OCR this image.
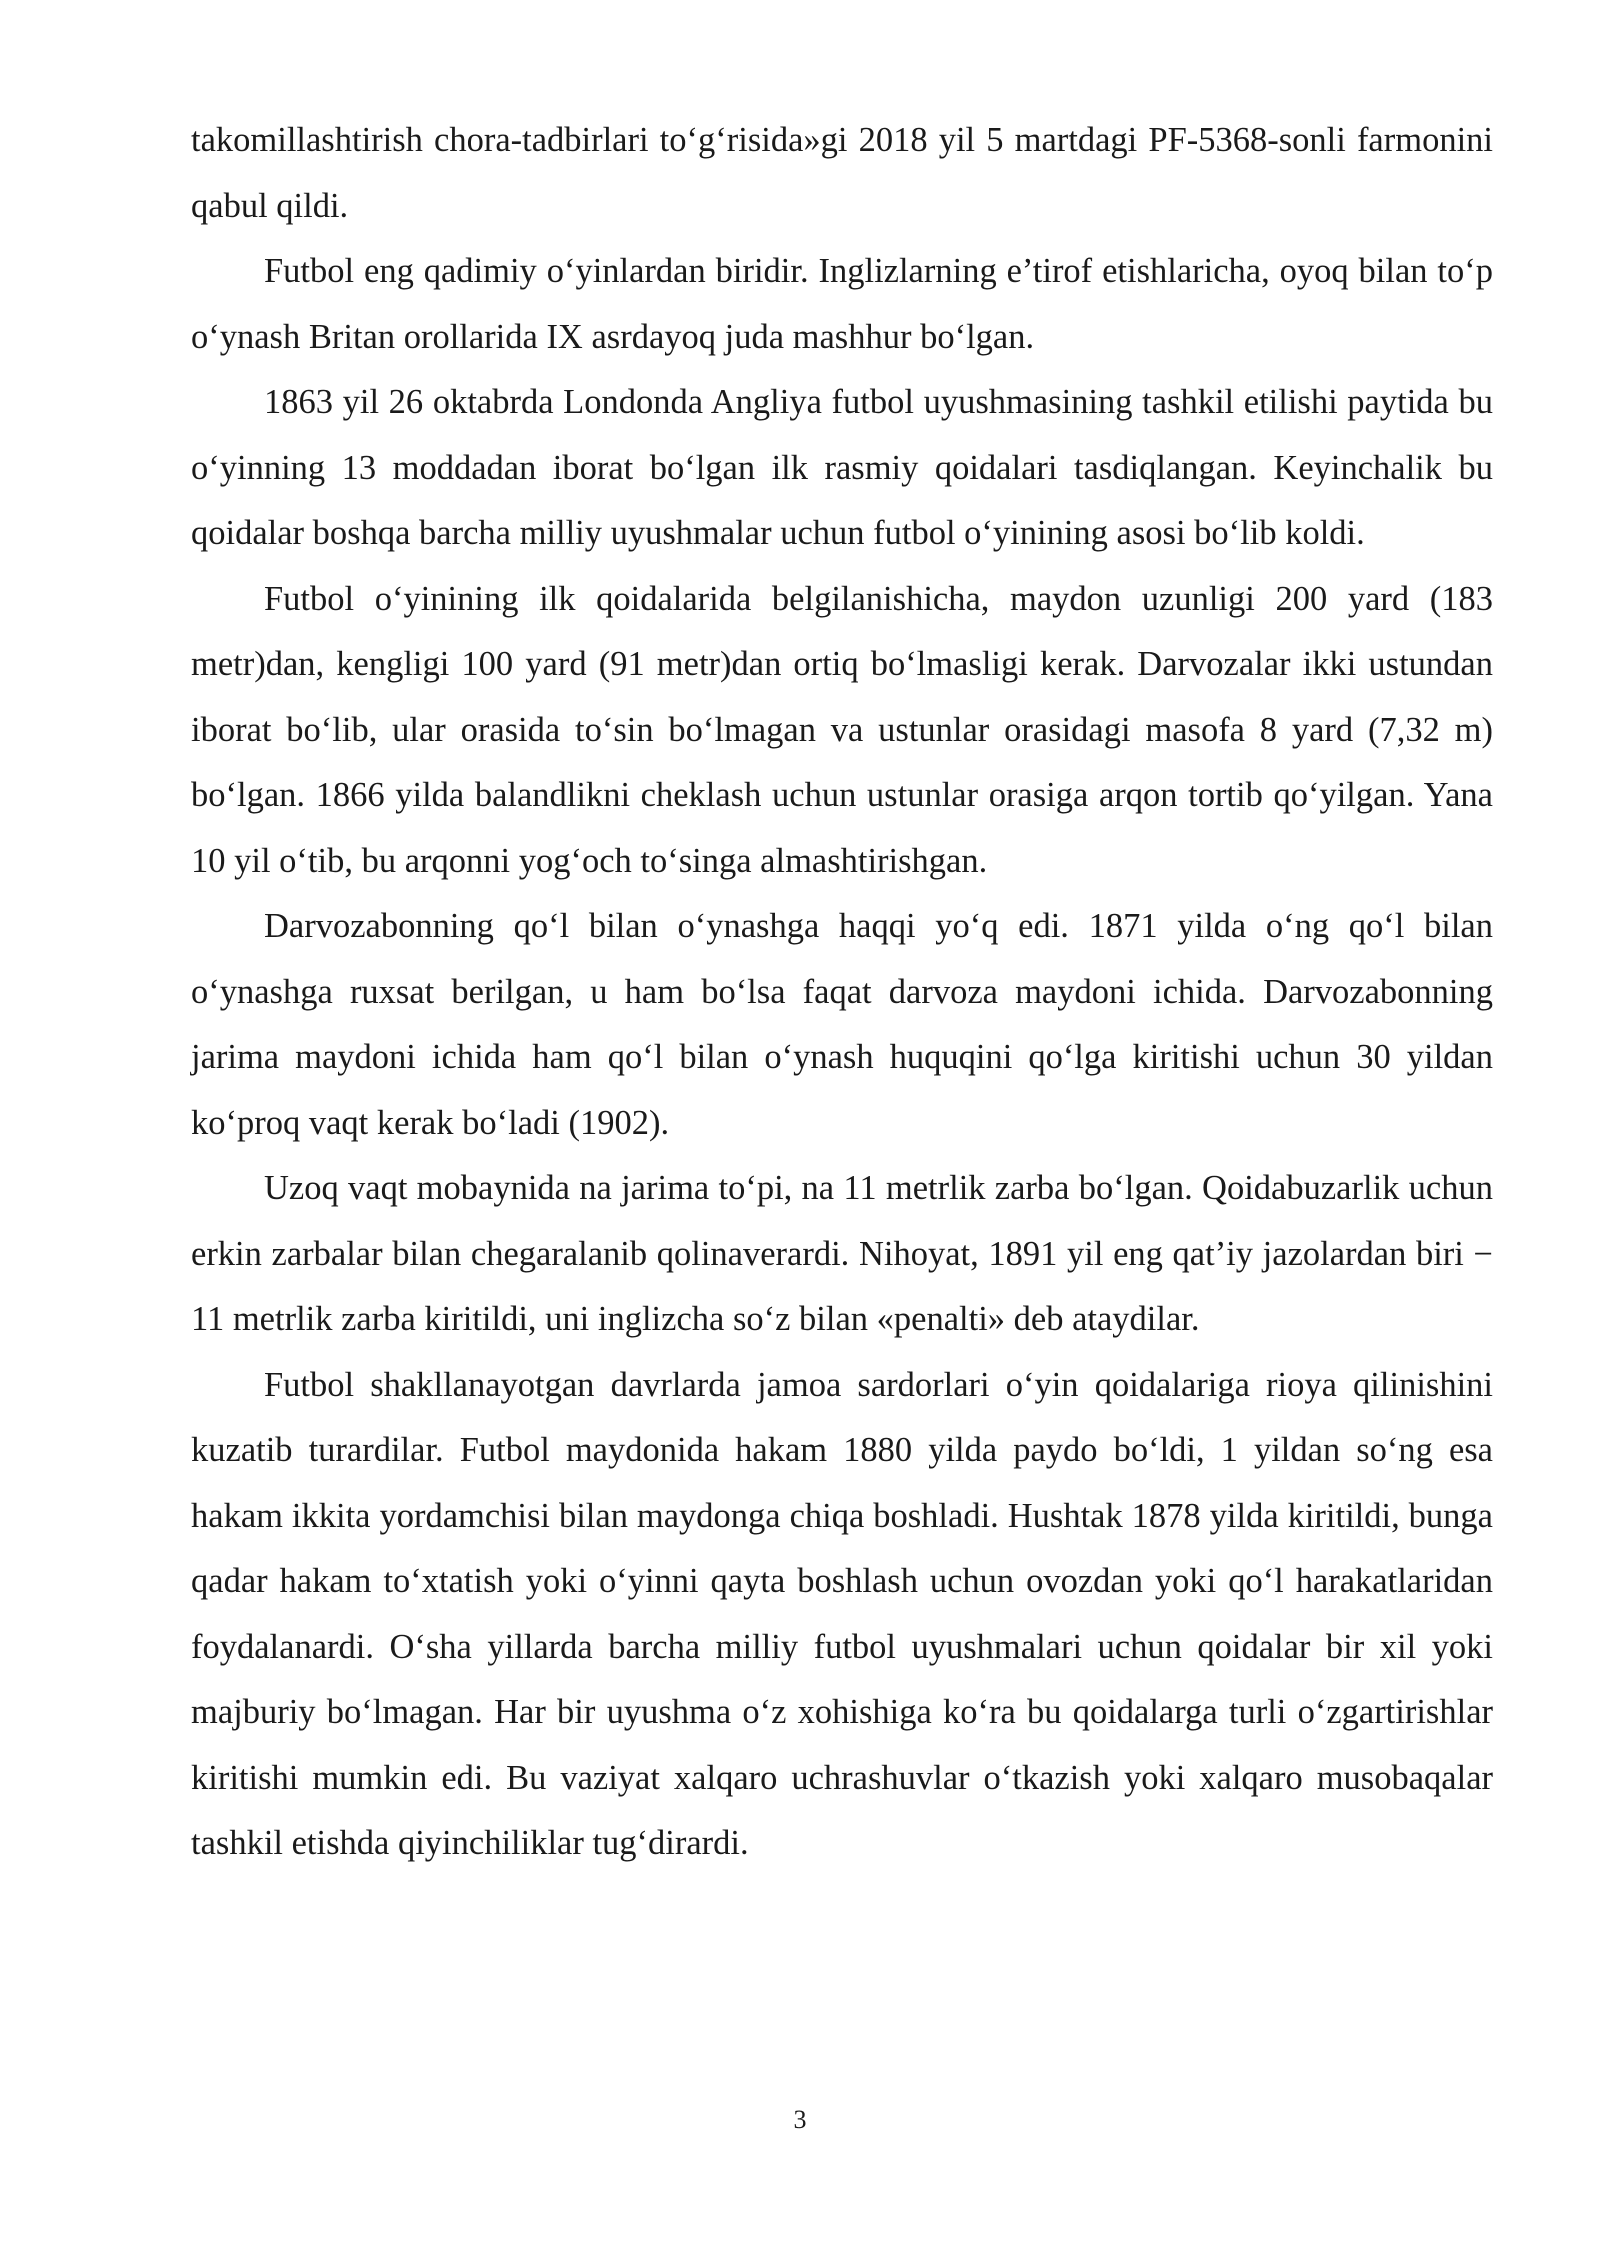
takomillashtirish chora-tadbirlari to‘g‘risida»gi 2018 yil 5 martdagi PF-5368-sonli farmonini qabul qildi.

Futbol eng qadimiy o‘yinlardan biridir. Inglizlarning e’tirof etishlaricha, oyoq bilan to‘p o‘ynash Britan orollarida IX asrdayoq juda mashhur bo‘lgan.

1863 yil 26 oktabrda Londonda Angliya futbol uyushmasining tashkil etilishi paytida bu o‘yinning 13 moddadan iborat bo‘lgan ilk rasmiy qoidalari tasdiqlangan. Keyinchalik bu qoidalar boshqa barcha milliy uyushmalar uchun futbol o‘yinining asosi bo‘lib koldi.

Futbol o‘yinining ilk qoidalarida belgilanishicha, maydon uzunligi 200 yard (183 metr)dan, kengligi 100 yard (91 metr)dan ortiq bo‘lmasligi kerak. Darvozalar ikki ustundan iborat bo‘lib, ular orasida to‘sin bo‘lmagan va ustunlar orasidagi masofa 8 yard (7,32 m) bo‘lgan. 1866 yilda balandlikni cheklash uchun ustunlar orasiga arqon tortib qo‘yilgan. Yana 10 yil o‘tib, bu arqonni yog‘och to‘singa almashtirishgan.

Darvozabonning qo‘l bilan o‘ynashga haqqi yo‘q edi. 1871 yilda o‘ng qo‘l bilan o‘ynashga ruxsat berilgan, u ham bo‘lsa faqat darvoza maydoni ichida. Darvozabonning jarima maydoni ichida ham qo‘l bilan o‘ynash huquqini qo‘lga kiritishi uchun 30 yildan ko‘proq vaqt kerak bo‘ladi (1902).

Uzoq vaqt mobaynida na jarima to‘pi, na 11 metrlik zarba bo‘lgan. Qoidabuzarlik uchun erkin zarbalar bilan chegaralanib qolinaverardi. Nihoyat, 1891 yil eng qat’iy jazolardan biri − 11 metrlik zarba kiritildi, uni inglizcha so‘z bilan «penalti» deb ataydilar.

Futbol shakllanayotgan davrlarda jamoa sardorlari o‘yin qoidalariga rioya qilinishini kuzatib turardilar. Futbol maydonida hakam 1880 yilda paydo bo‘ldi, 1 yildan so‘ng esa hakam ikkita yordamchisi bilan maydonga chiqa boshladi. Hushtak 1878 yilda kiritildi, bunga qadar hakam to‘xtatish yoki o‘yinni qayta boshlash uchun ovozdan yoki qo‘l harakatlaridan foydalanardi. O‘sha yillarda barcha milliy futbol uyushmalari uchun qoidalar bir xil yoki majburiy bo‘lmagan. Har bir uyushma o‘z xohishiga ko‘ra bu qoidalarga turli o‘zgartirishlar kiritishi mumkin edi. Bu vaziyat xalqaro uchrashuvlar o‘tkazish yoki xalqaro musobaqalar tashkil etishda qiyinchiliklar tug‘dirardi.

3
